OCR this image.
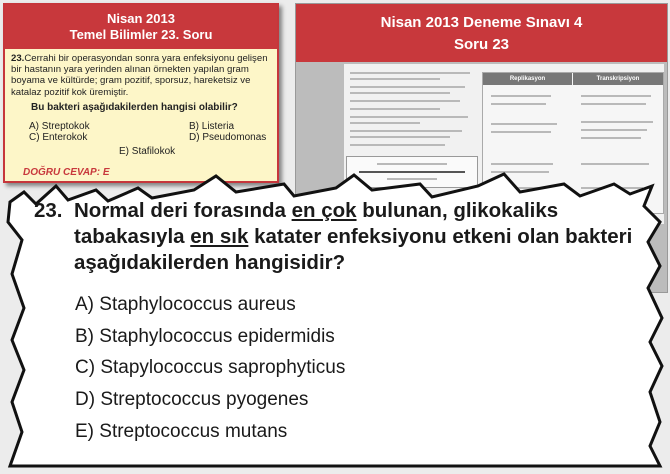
Nisan 2013
Temel Bilimler 23. Soru
23.Cerrahi bir operasyondan sonra yara enfeksiyonu gelişen bir hastanın yara yerinden alınan örnekten yapılan gram boyama ve kültürde; gram pozitif, sporsuz, hareketsiz ve katalaz pozitif kok üremiştir.
Bu bakteri aşağıdakilerden hangisi olabilir?
A) Streptokok	B) Listeria
C) Enterokok	D) Pseudomonas
E) Stafilokok
DOĞRU CEVAP: E
Nisan 2013 Deneme Sınavı 4
Soru 23
Replikasyon	Transkripsiyon
23. Normal deri forasında en çok bulunan, glikokaliks tabakasıyla en sık katater enfeksiyonu etkeni olan bakteri aşağıdakilerden hangisidir?
A) Staphylococcus aureus
B) Staphylococcus epidermidis
C) Stapylococcus saprophyticus
D) Streptococcus pyogenes
E) Streptococcus mutans
